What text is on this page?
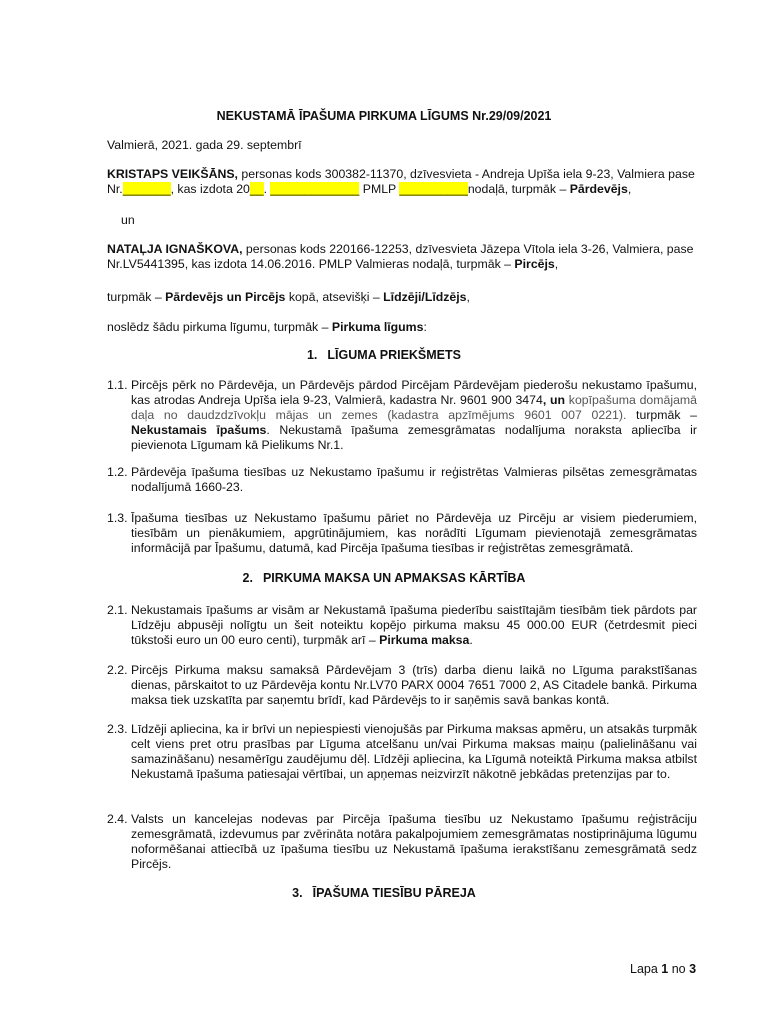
NEKUSTAMĀ ĪPAŠUMA PIRKUMA LĪGUMS Nr.29/09/2021

Valmierā, 2021. gada 29. septembrī

KRISTAPS VEIKŠĀNS, personas kods 300382-11370, dzīvesvieta - Andreja Upīša iela 9-23, Valmiera pase Nr._______, kas izdota 20__. _____________ PMLP __________nodaļā, turpmāk – Pārdevējs,

un

NATAĻJA IGNAŠKOVA, personas kods 220166-12253, dzīvesvieta Jāzepa Vītola iela 3-26, Valmiera, pase Nr.LV5441395, kas izdota 14.06.2016. PMLP Valmieras nodaļā, turpmāk – Pircējs,

turpmāk – Pārdevējs un Pircējs kopā, atsevišķi – Līdzēji/Līdzējs,

noslēdz šādu pirkuma līgumu, turpmāk – Pirkuma līgums:

1. LĪGUMA PRIEKŠMETS
1.1. Pircējs pērk no Pārdevēja, un Pārdevējs pārdod Pircējam Pārdevējam piederošu nekustamo īpašumu, kas atrodas Andreja Upīša iela 9-23, Valmierā, kadastra Nr. 9601 900 3474, un kopīpašuma domājamā daļa no daudzdzīvokļu mājas un zemes (kadastra apzīmējums 9601 007 0221). turpmāk – Nekustamais īpašums. Nekustamā īpašuma zemesgrāmatas nodalījuma noraksta apliecība ir pievienota Līgumam kā Pielikums Nr.1.
1.2. Pārdevēja īpašuma tiesības uz Nekustamo īpašumu ir reģistrētas Valmieras pilsētas zemesgrāmatas nodalījumā 1660-23.
1.3. Īpašuma tiesības uz Nekustamo īpašumu pāriet no Pārdevēja uz Pircēju ar visiem piederumiem, tiesībām un pienākumiem, apgrūtinājumiem, kas norādīti Līgumam pievienotajā zemesgrāmatas informācijā par Īpašumu, datumā, kad Pircēja īpašuma tiesības ir reģistrētas zemesgrāmatā.
2. PIRKUMA MAKSA UN APMAKSAS KĀRTĪBA
2.1. Nekustamais īpašums ar visām ar Nekustamā īpašuma piederību saistītajām tiesībām tiek pārdots par Līdzēju abpusēji nolīgtu un šeit noteiktu kopējo pirkuma maksu 45 000.00 EUR (četrdesmit pieci tūkstoši euro un 00 euro centi), turpmāk arī – Pirkuma maksa.
2.2. Pircējs Pirkuma maksu samaksā Pārdevējam 3 (trīs) darba dienu laikā no Līguma parakstīšanas dienas, pārskaitot to uz Pārdevēja kontu Nr.LV70 PARX 0004 7651 7000 2, AS Citadele bankā. Pirkuma maksa tiek uzskatīta par saņemtu brīdī, kad Pārdevējs to ir saņēmis savā bankas kontā.
2.3. Līdzēji apliecina, ka ir brīvi un nepiespiesti vienojušās par Pirkuma maksas apmēru, un atsakās turpmāk celt viens pret otru prasības par Līguma atcelšanu un/vai Pirkuma maksas maiņu (palielināšanu vai samazināšanu) nesamērīgu zaudējumu dēļ. Līdzēji apliecina, ka Līgumā noteiktā Pirkuma maksa atbilst Nekustamā īpašuma patiesajai vērtībai, un apņemas neizvirzīt nākotnē jebkādas pretenzijas par to.
2.4. Valsts un kancelejas nodevas par Pircēja īpašuma tiesību uz Nekustamo īpašumu reģistrāciju zemesgrāmatā, izdevumus par zvērināta notāra pakalpojumiem zemesgrāmatas nostiprinājuma lūgumu noformēšanai attiecībā uz īpašuma tiesību uz Nekustamā īpašuma ierakstīšanu zemesgrāmatā sedz Pircējs.
3. ĪPAŠUMA TIESĪBU PĀREJA
Lapa 1 no 3
